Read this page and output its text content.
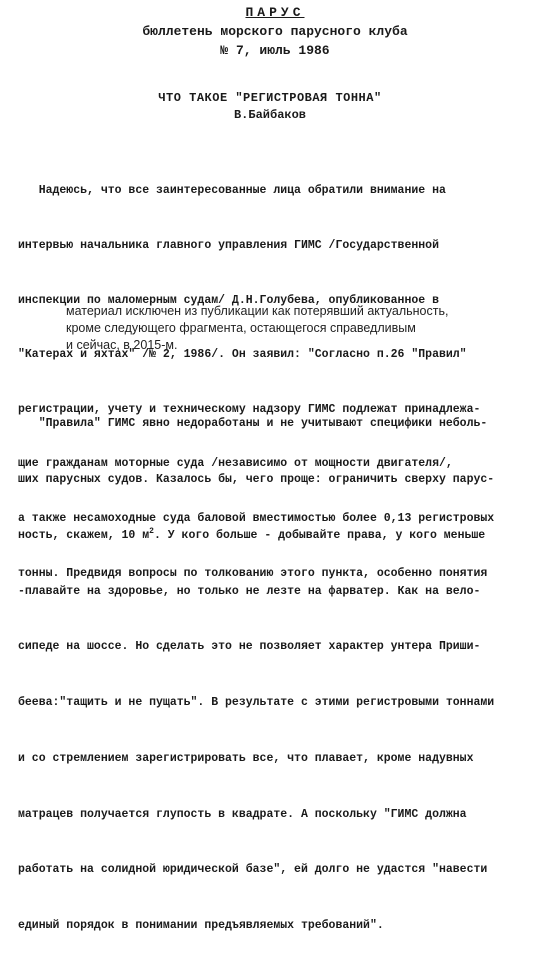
ПАРУС
бюллетень морского парусного клуба
№ 7, июль 1986
ЧТО ТАКОЕ "РЕГИСТРОВАЯ ТОННА"
В.Байбаков

Надеюсь, что все заинтересованные лица обратили внимание на

интервью начальника главного управления ГИМС /Государственной

инспекции по маломерным судам/ Д.Н.Голубева, опубликованное в

"Катерах и яхтах" /№ 2, 1986/. Он заявил: "Согласно п.26 "Правил"

регистрации, учету и техническому надзору ГИМС подлежат принадлежа-

щие гражданам моторные суда /независимо от мощности двигателя/,

а также несамоходные суда баловой вместимостью более 0,13 регистровых

тонны. Предвидя вопросы по толкованию этого пункта, особенно понятия

материал исключен из публикации как потерявший актуальность,
кроме следующего фрагмента, остающегося справедливым
и сейчас, в 2015-м.

"Правила" ГИМС явно недоработаны и не учитывают специфики неболь-

ших парусных судов. Казалось бы, чего проще: ограничить сверху парус-

ность, скажем, 10 $м^2$. У кого больше - добывайте права, у кого меньше

-плавайте на здоровье, но только не лезте на фарватер. Как на вело-

сипеде на шоссе. Но сделать это не позволяет характер унтера Приши-

беева:"тащить и не пущать". В результате с этими регистровыми тоннами

и со стремлением зарегистрировать все, что плавает, кроме надувных

матрацев получается глупость в квадрате. А поскольку "ГИМС должна

работать на солидной юридической базе", ей долго не удастся "навести

единый порядок в понимании предъявляемых требований".
